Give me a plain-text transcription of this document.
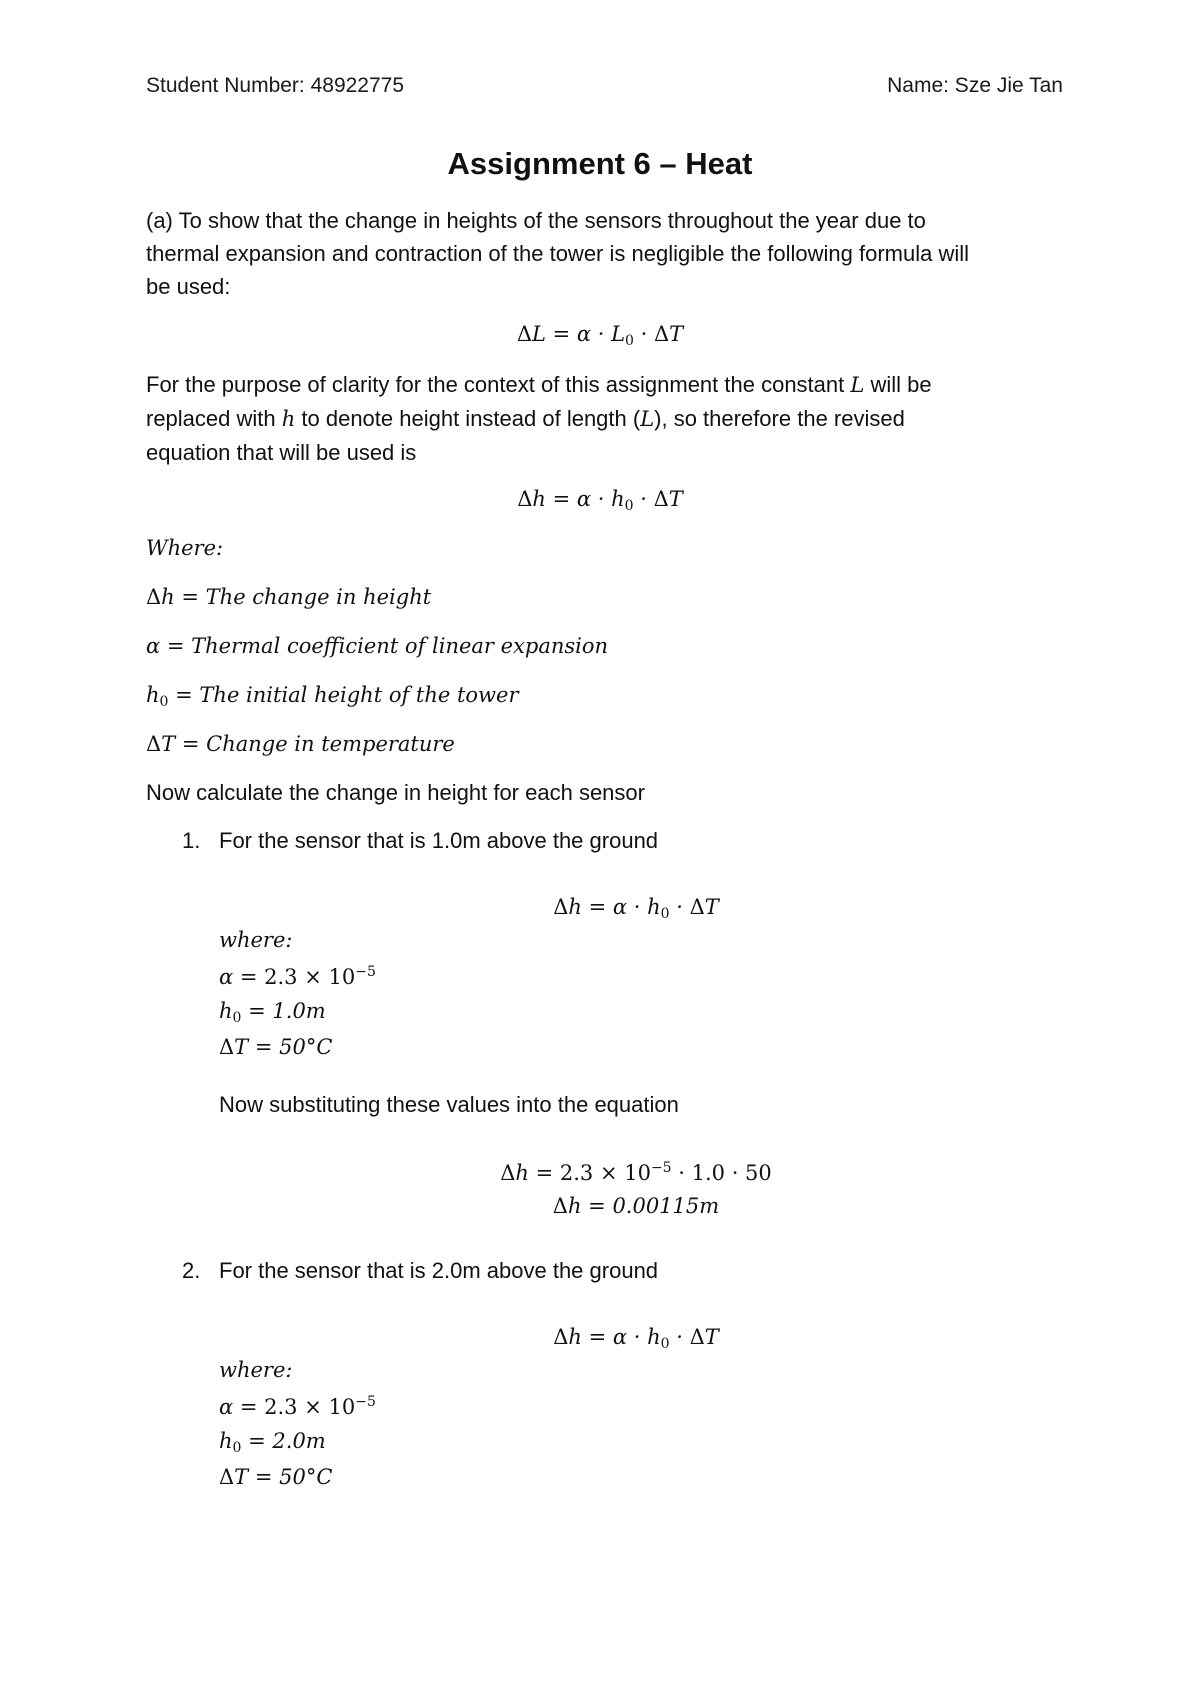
Student Number: 48922775	Name: Sze Jie Tan
Assignment 6 – Heat
(a) To show that the change in heights of the sensors throughout the year due to
thermal expansion and contraction of the tower is negligible the following formula will
be used:
$\Delta L = \alpha \cdot L_0 \cdot \Delta T$
For the purpose of clarity for the context of this assignment the constant L will be
replaced with h to denote height instead of length (L), so therefore the revised
equation that will be used is
$\Delta h = \alpha \cdot h_0 \cdot \Delta T$
Where:
Δh = The change in height
α = Thermal coefficient of linear expansion
$h_0$ = The initial height of the tower
ΔT = Change in temperature
Now calculate the change in height for each sensor
1. For the sensor that is 1.0m above the ground
$\Delta h = \alpha \cdot h_0 \cdot \Delta T$
where:
$\alpha = 2.3 \times 10^{-5}$
$h_0 = 1.0m$
ΔT = 50°C
Now substituting these values into the equation
$\Delta h = 2.3 \times 10^{-5} \cdot 1.0 \cdot 50$
Δh = 0.00115m
2. For the sensor that is 2.0m above the ground
$\Delta h = \alpha \cdot h_0 \cdot \Delta T$
where:
$\alpha = 2.3 \times 10^{-5}$
$h_0 = 2.0m$
ΔT = 50°C
